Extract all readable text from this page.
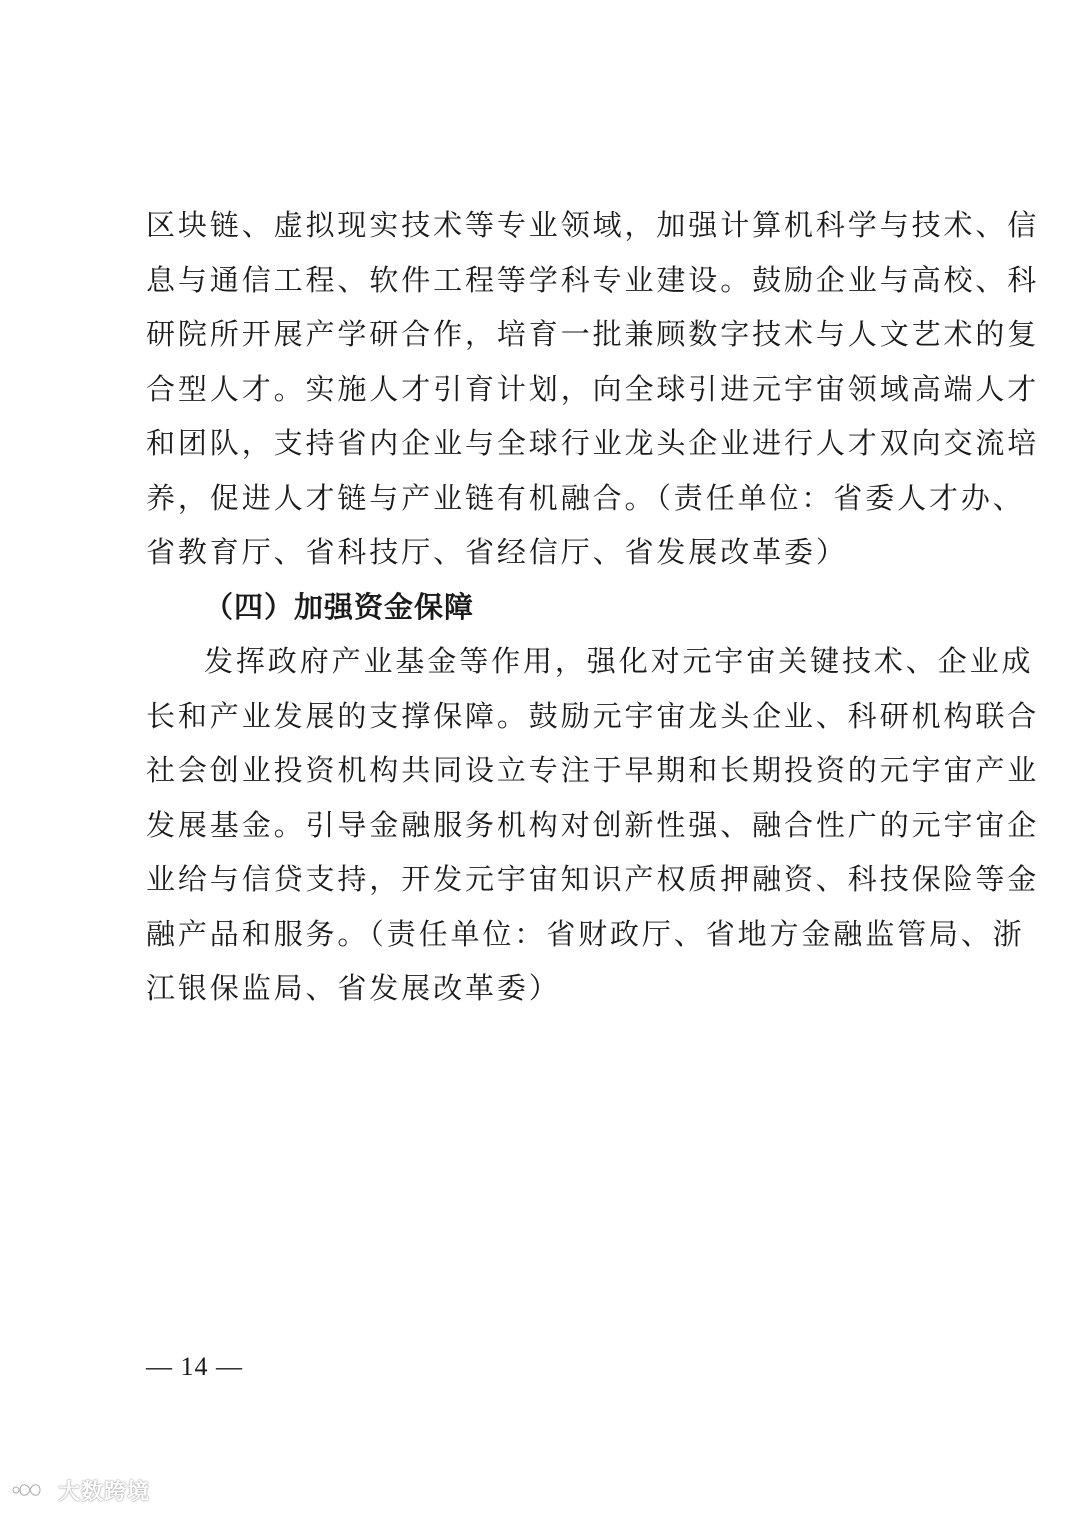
区块链、虚拟现实技术等专业领域，加强计算机科学与技术、信
息与通信工程、软件工程等学科专业建设。鼓励企业与高校、科
研院所开展产学研合作，培育一批兼顾数字技术与人文艺术的复
合型人才。实施人才引育计划，向全球引进元宇宙领域高端人才
和团队，支持省内企业与全球行业龙头企业进行人才双向交流培
养，促进人才链与产业链有机融合。（责任单位：省委人才办、
省教育厅、省科技厅、省经信厅、省发展改革委）
（四）加强资金保障
发挥政府产业基金等作用，强化对元宇宙关键技术、企业成
长和产业发展的支撑保障。鼓励元宇宙龙头企业、科研机构联合
社会创业投资机构共同设立专注于早期和长期投资的元宇宙产业
发展基金。引导金融服务机构对创新性强、融合性广的元宇宙企
业给与信贷支持，开发元宇宙知识产权质押融资、科技保险等金
融产品和服务。（责任单位：省财政厅、省地方金融监管局、浙
江银保监局、省发展改革委）
— 14 —
大数跨境
